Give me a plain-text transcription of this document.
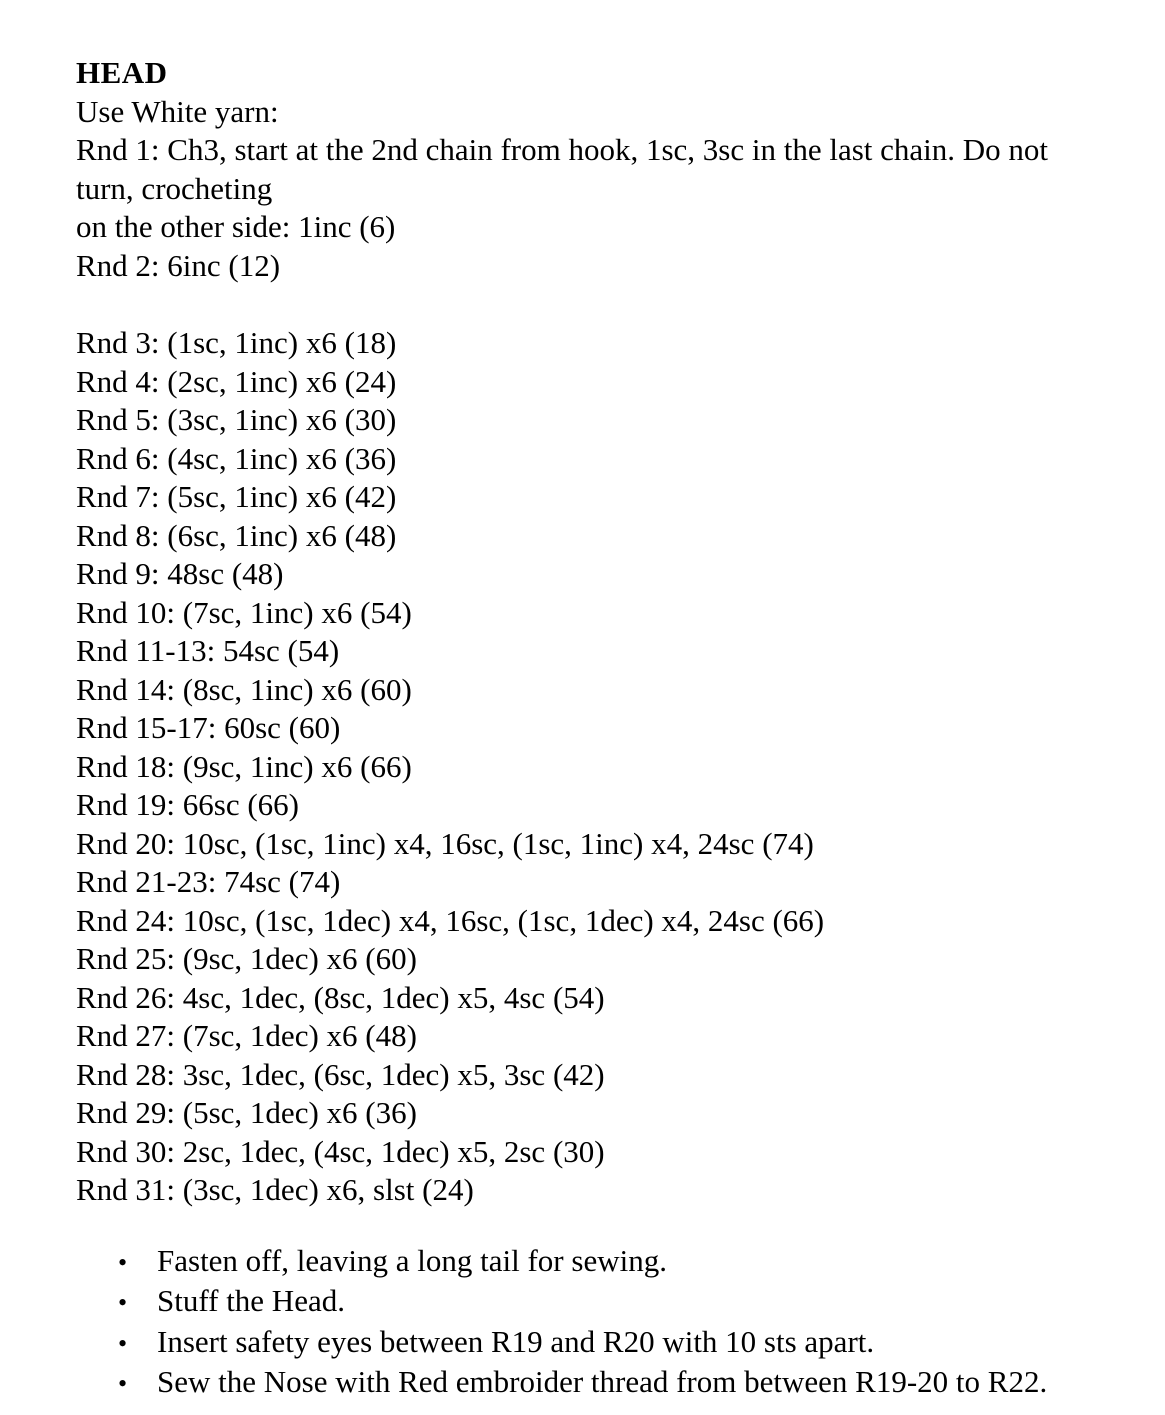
HEAD
Use White yarn:
Rnd 1: Ch3, start at the 2nd chain from hook, 1sc, 3sc in the last chain. Do not
turn, crocheting
on the other side: 1inc (6)
Rnd 2: 6inc (12)
Rnd 3: (1sc, 1inc) x6 (18)
Rnd 4: (2sc, 1inc) x6 (24)
Rnd 5: (3sc, 1inc) x6 (30)
Rnd 6: (4sc, 1inc) x6 (36)
Rnd 7: (5sc, 1inc) x6 (42)
Rnd 8: (6sc, 1inc) x6 (48)
Rnd 9: 48sc (48)
Rnd 10: (7sc, 1inc) x6 (54)
Rnd 11-13: 54sc (54)
Rnd 14: (8sc, 1inc) x6 (60)
Rnd 15-17: 60sc (60)
Rnd 18: (9sc, 1inc) x6 (66)
Rnd 19: 66sc (66)
Rnd 20: 10sc, (1sc, 1inc) x4, 16sc, (1sc, 1inc) x4, 24sc (74)
Rnd 21-23: 74sc (74)
Rnd 24: 10sc, (1sc, 1dec) x4, 16sc, (1sc, 1dec) x4, 24sc (66)
Rnd 25: (9sc, 1dec) x6 (60)
Rnd 26: 4sc, 1dec, (8sc, 1dec) x5, 4sc (54)
Rnd 27: (7sc, 1dec) x6 (48)
Rnd 28: 3sc, 1dec, (6sc, 1dec) x5, 3sc (42)
Rnd 29: (5sc, 1dec) x6 (36)
Rnd 30: 2sc, 1dec, (4sc, 1dec) x5, 2sc (30)
Rnd 31: (3sc, 1dec) x6, slst (24)
• Fasten off, leaving a long tail for sewing.
• Stuff the Head.
• Insert safety eyes between R19 and R20 with 10 sts apart.
• Sew the Nose with Red embroider thread from between R19-20 to R22.
